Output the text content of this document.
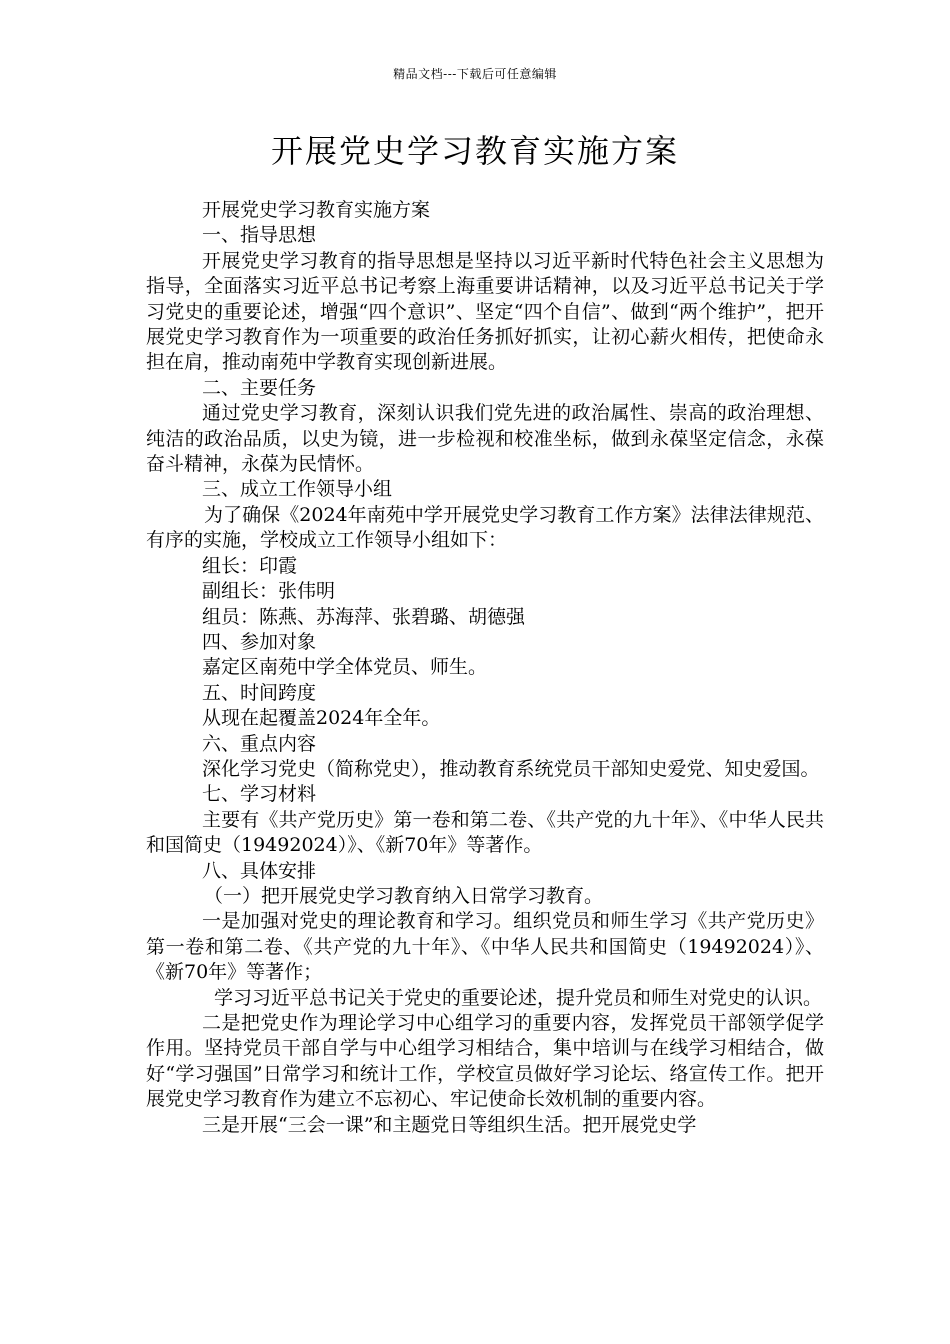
精品文档---下载后可任意编辑
开展党史学习教育实施方案

开展党史学习教育实施方案

一、指导思想

开展党史学习教育的指导思想是坚持以习近平新时代特色社会主义思想为指导，全面落实习近平总书记考察上海重要讲话精神，以及习近平总书记关于学习党史的重要论述，增强“四个意识”、坚定“四个自信”、做到“两个维护”，把开展党史学习教育作为一项重要的政治任务抓好抓实，让初心薪火相传，把使命永担在肩，推动南苑中学教育实现创新进展。

二、主要任务

通过党史学习教育，深刻认识我们党先进的政治属性、崇高的政治理想、纯洁的政治品质，以史为镜，进一步检视和校准坐标，做到永葆坚定信念，永葆奋斗精神，永葆为民情怀。

三、成立工作领导小组

为了确保《2024年南苑中学开展党史学习教育工作方案》法律法律规范、有序的实施，学校成立工作领导小组如下：

组长：印霞

副组长：张伟明

组员：陈燕、苏海萍、张碧璐、胡德强

四、参加对象

嘉定区南苑中学全体党员、师生。

五、时间跨度

从现在起覆盖2024年全年。

六、重点内容

深化学习党史（简称党史），推动教育系统党员干部知史爱党、知史爱国。

七、学习材料

主要有《共产党历史》第一卷和第二卷、《共产党的九十年》、《中华人民共和国简史（19492024）》、《新70年》等著作。

八、具体安排

（一）把开展党史学习教育纳入日常学习教育。

一是加强对党史的理论教育和学习。组织党员和师生学习《共产党历史》第一卷和第二卷、《共产党的九十年》、《中华人民共和国简史（19492024）》、《新70年》等著作；

学习习近平总书记关于党史的重要论述，提升党员和师生对党史的认识。

二是把党史作为理论学习中心组学习的重要内容，发挥党员干部领学促学作用。坚持党员干部自学与中心组学习相结合，集中培训与在线学习相结合，做好“学习强国”日常学习和统计工作，学校宣员做好学习论坛、络宣传工作。把开展党史学习教育作为建立不忘初心、牢记使命长效机制的重要内容。

三是开展“三会一课”和主题党日等组织生活。把开展党史学
